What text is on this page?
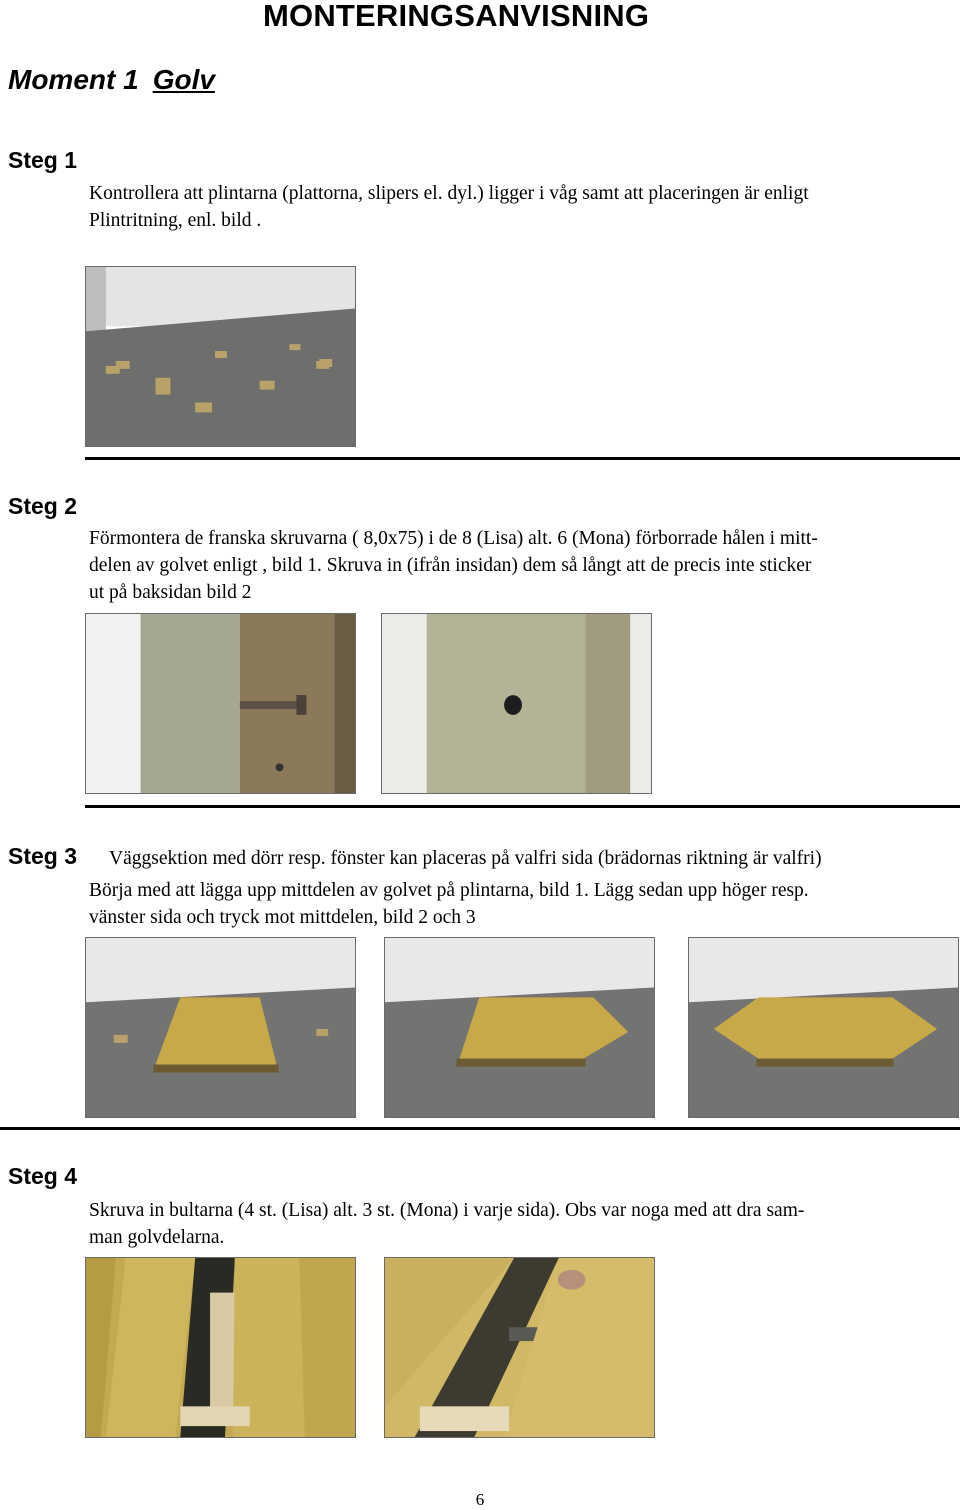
MONTERINGSANVISNING
Moment 1 Golv
Steg 1
Kontrollera att plintarna (plattorna, slipers el. dyl.) ligger i våg samt att placeringen är enligt
Plintritning, enl. bild .
Steg 2
Förmontera de franska skruvarna ( 8,0x75) i de 8 (Lisa) alt. 6 (Mona) förborrade hålen i mitt-
delen av golvet enligt , bild 1. Skruva in (ifrån insidan) dem så långt att de precis inte sticker
ut på baksidan bild 2
Steg 3 Väggsektion med dörr resp. fönster kan placeras på valfri sida (brädornas riktning är valfri)
Börja med att lägga upp mittdelen av golvet på plintarna, bild 1. Lägg sedan upp höger resp.
vänster sida och tryck mot mittdelen, bild 2 och 3
Steg 4
Skruva in bultarna (4 st. (Lisa) alt. 3 st. (Mona) i varje sida). Obs var noga med att dra sam-
man golvdelarna.
6
